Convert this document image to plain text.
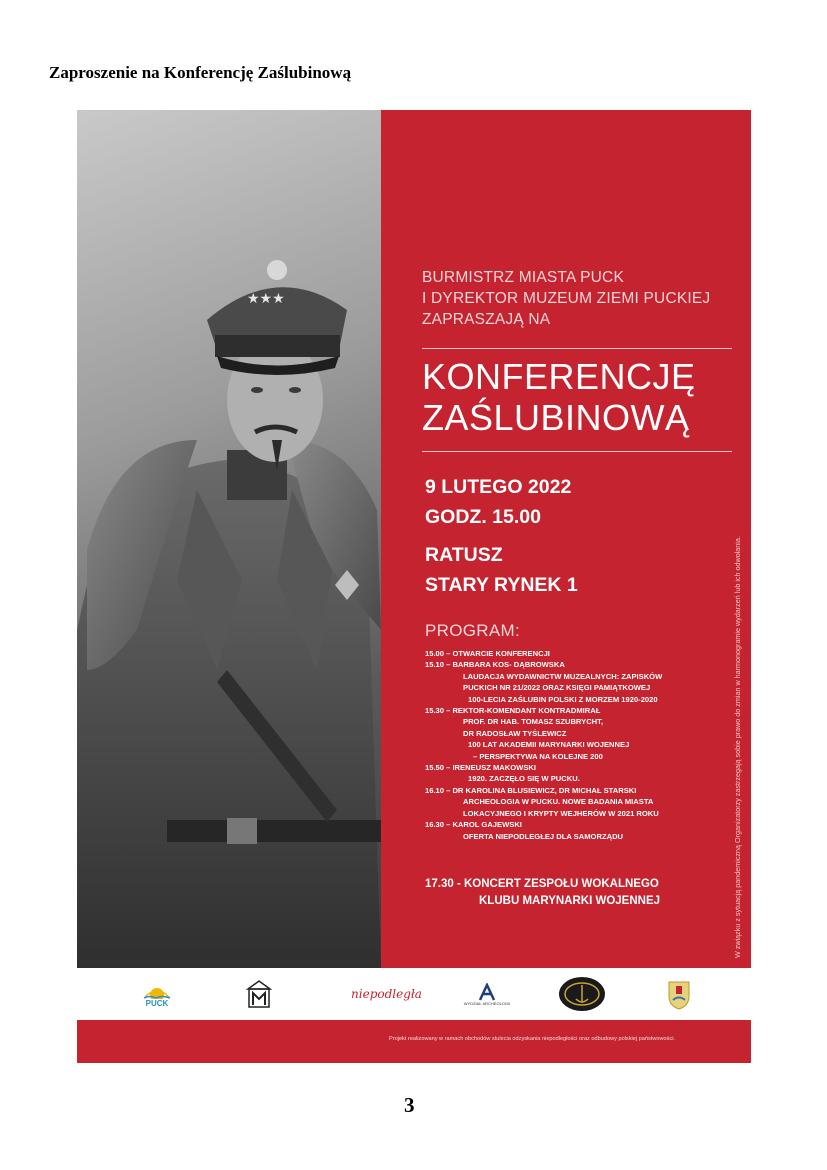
Zaproszenie na Konferencję Zaślubinową
★★★
BURMISTRZ MIASTA PUCK
I DYREKTOR MUZEUM ZIEMI PUCKIEJ
ZAPRASZAJĄ NA
KONFERENCJĘ
ZAŚLUBINOWĄ
9 LUTEGO 2022
GODZ. 15.00
RATUSZ
STARY RYNEK 1
PROGRAM:
15.00 – OTWARCIE KONFERENCJI
15.10 – BARBARA KOS- DĄBROWSKA
LAUDACJA WYDAWNICTW MUZEALNYCH: ZAPISKÓW
PUCKICH NR 21/2022 ORAZ KSIĘGI PAMIĄTKOWEJ
100-LECIA ZAŚLUBIN POLSKI Z MORZEM 1920-2020
15.30 – REKTOR-KOMENDANT KONTRADMIRAŁ
PROF. DR HAB. TOMASZ SZUBRYCHT,
DR RADOSŁAW TYŚLEWICZ
100 LAT AKADEMII MARYNARKI WOJENNEJ
– PERSPEKTYWA NA KOLEJNE 200
15.50 – IRENEUSZ MAKOWSKI
1920. ZACZĘŁO SIĘ W PUCKU.
16.10 – DR KAROLINA BLUSIEWICZ, DR MICHAŁ STARSKI
ARCHEOLOGIA W PUCKU. NOWE BADANIA MIASTA
LOKACYJNEGO I KRYPTY WEJHERÓW W 2021 ROKU
16.30 – KAROL GAJEWSKI
OFERTA NIEPODLEGŁEJ DLA SAMORZĄDU
17.30 - KONCERT ZESPOŁU WOKALNEGO
KLUBU MARYNARKI WOJENNEJ	W związku z sytuacją pandemiczną Organizatorzy zastrzegają sobie prawo do zmian w harmonogramie wydarzeń lub ich odwołania.
PUCK
niepodległa
WYDZIAŁ ARCHEOLOGII
Projekt realizowany w ramach obchodów stulecia odzyskania niepodległości oraz odbudowy polskiej państwowości.
3
